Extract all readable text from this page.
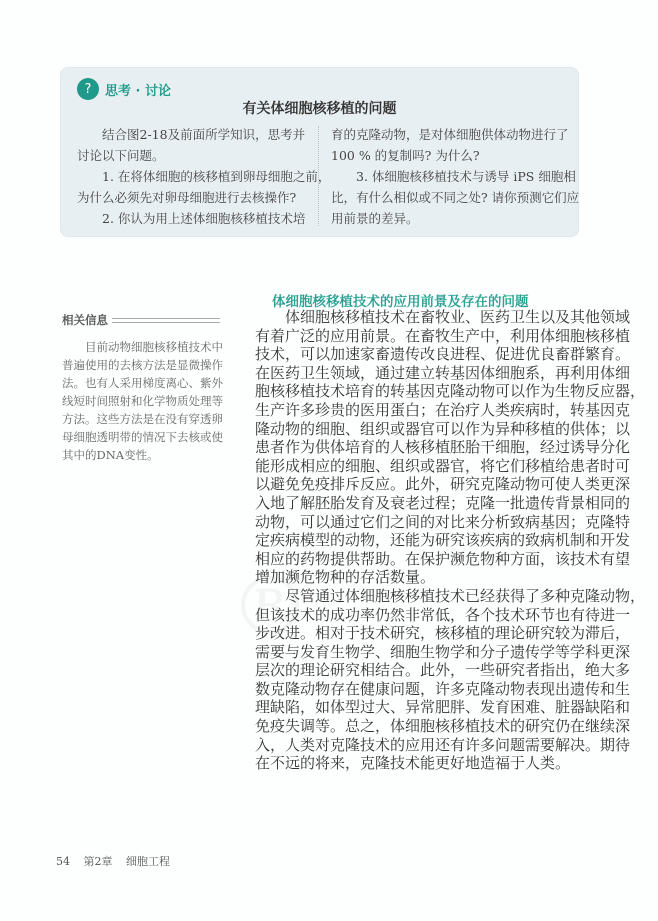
?	思考 · 讨论
有关体细胞核移植的问题
　　结合图2-18及前面所学知识，思考并
讨论以下问题。
　　1. 在将体细胞的核移植到卵母细胞之前，
为什么必须先对卵母细胞进行去核操作?
　　2. 你认为用上述体细胞核移植技术培
育的克隆动物，是对体细胞供体动物进行了
100 % 的复制吗? 为什么?
　　3. 体细胞核移植技术与诱导 iPS 细胞相
比，有什么相似或不同之处? 请你预测它们应
用前景的差异。
相关信息
　　目前动物细胞核移植技术中
普遍使用的去核方法是显微操作
法。也有人采用梯度离心、紫外
线短时间照射和化学物质处理等
方法。这些方法是在没有穿透卵
母细胞透明带的情况下去核或使
其中的DNA变性。
体细胞核移植技术的应用前景及存在的问题
　　体细胞核移植技术在畜牧业、医药卫生以及其他领域
有着广泛的应用前景。在畜牧生产中，利用体细胞核移植
技术，可以加速家畜遗传改良进程、促进优良畜群繁育。
在医药卫生领域，通过建立转基因体细胞系，再利用体细
胞核移植技术培育的转基因克隆动物可以作为生物反应器，
生产许多珍贵的医用蛋白；在治疗人类疾病时，转基因克
隆动物的细胞、组织或器官可以作为异种移植的供体；以
患者作为供体培育的人核移植胚胎干细胞，经过诱导分化
能形成相应的细胞、组织或器官，将它们移植给患者时可
以避免免疫排斥反应。此外，研究克隆动物可使人类更深
入地了解胚胎发育及衰老过程；克隆一批遗传背景相同的
动物，可以通过它们之间的对比来分析致病基因；克隆特
定疾病模型的动物，还能为研究该疾病的致病机制和开发
相应的药物提供帮助。在保护濒危物种方面，该技术有望
增加濒危物种的存活数量。
　　尽管通过体细胞核移植技术已经获得了多种克隆动物，
但该技术的成功率仍然非常低，各个技术环节也有待进一
步改进。相对于技术研究，核移植的理论研究较为滞后，
需要与发育生物学、细胞生物学和分子遗传学等学科更深
层次的理论研究相结合。此外，一些研究者指出，绝大多
数克隆动物存在健康问题，许多克隆动物表现出遗传和生
理缺陷，如体型过大、异常肥胖、发育困难、脏器缺陷和
免疫失调等。总之，体细胞核移植技术的研究仍在继续深
入，人类对克隆技术的应用还有许多问题需要解决。期待
在不远的将来，克隆技术能更好地造福于人类。
54 第2章 细胞工程
